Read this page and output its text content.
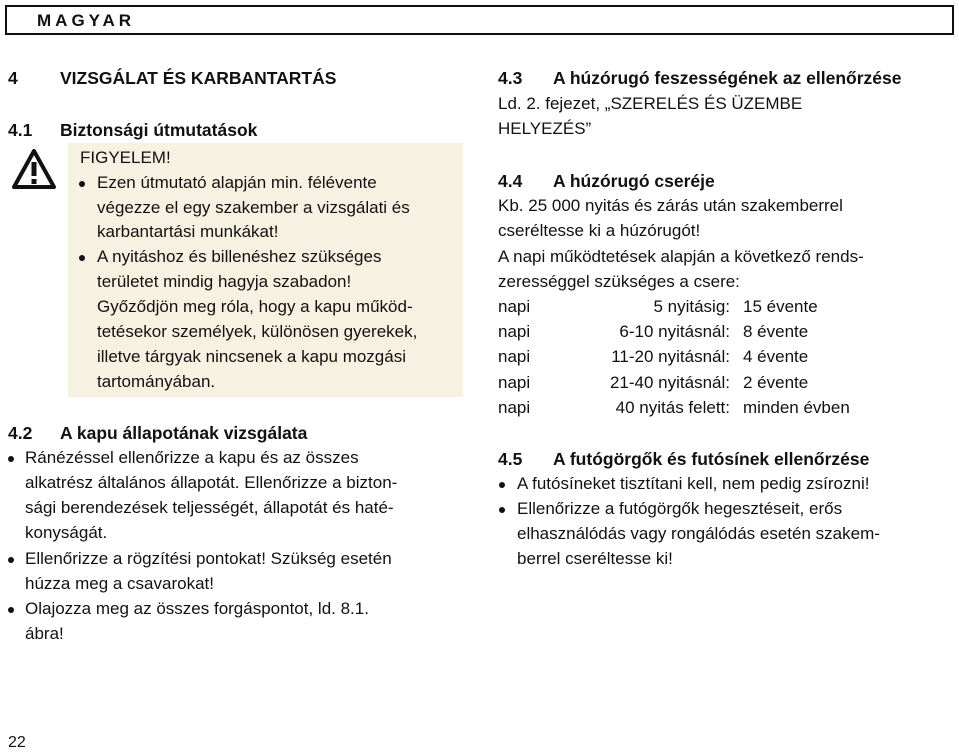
MAGYAR
4 VIZSGÁLAT ÉS KARBANTARTÁS
4.1 Biztonsági útmutatások
FIGYELEM!
Ezen útmutató alapján min. félévente
végezze el egy szakember a vizsgálati és
karbantartási munkákat!
A nyitáshoz és billenéshez szükséges
területet mindig hagyja szabadon!
Győződjön meg róla, hogy a kapu működ-
tetésekor személyek, különösen gyerekek,
illetve tárgyak nincsenek a kapu mozgási
tartományában.
4.2 A kapu állapotának vizsgálata
Ránézéssel ellenőrizze a kapu és az összes
alkatrész általános állapotát. Ellenőrizze a bizton-
sági berendezések teljességét, állapotát és haté-
konyságát.
Ellenőrizze a rögzítési pontokat! Szükség esetén
húzza meg a csavarokat!
Olajozza meg az összes forgáspontot, ld. 8.1.
ábra!
4.3 A húzórugó feszességének az ellenőrzése
Ld. 2. fejezet, „SZERELÉS ÉS ÜZEMBE
HELYEZÉS”
4.4 A húzórugó cseréje
Kb. 25 000 nyitás és zárás után szakemberrel
cseréltesse ki a húzórugót!
A napi működtetések alapján a következő rends-
zerességgel szükséges a csere:
napi	5 nyitásig: 15 évente
napi	6-10 nyitásnál: 8 évente
napi	11-20 nyitásnál: 4 évente
napi	21-40 nyitásnál: 2 évente
napi	40 nyitás felett: minden évben
4.5 A futógörgők és futósínek ellenőrzése
A futósíneket tisztítani kell, nem pedig zsírozni!
Ellenőrizze a futógörgők hegesztéseit, erős
elhasználódás vagy rongálódás esetén szakem-
berrel cseréltesse ki!
22
